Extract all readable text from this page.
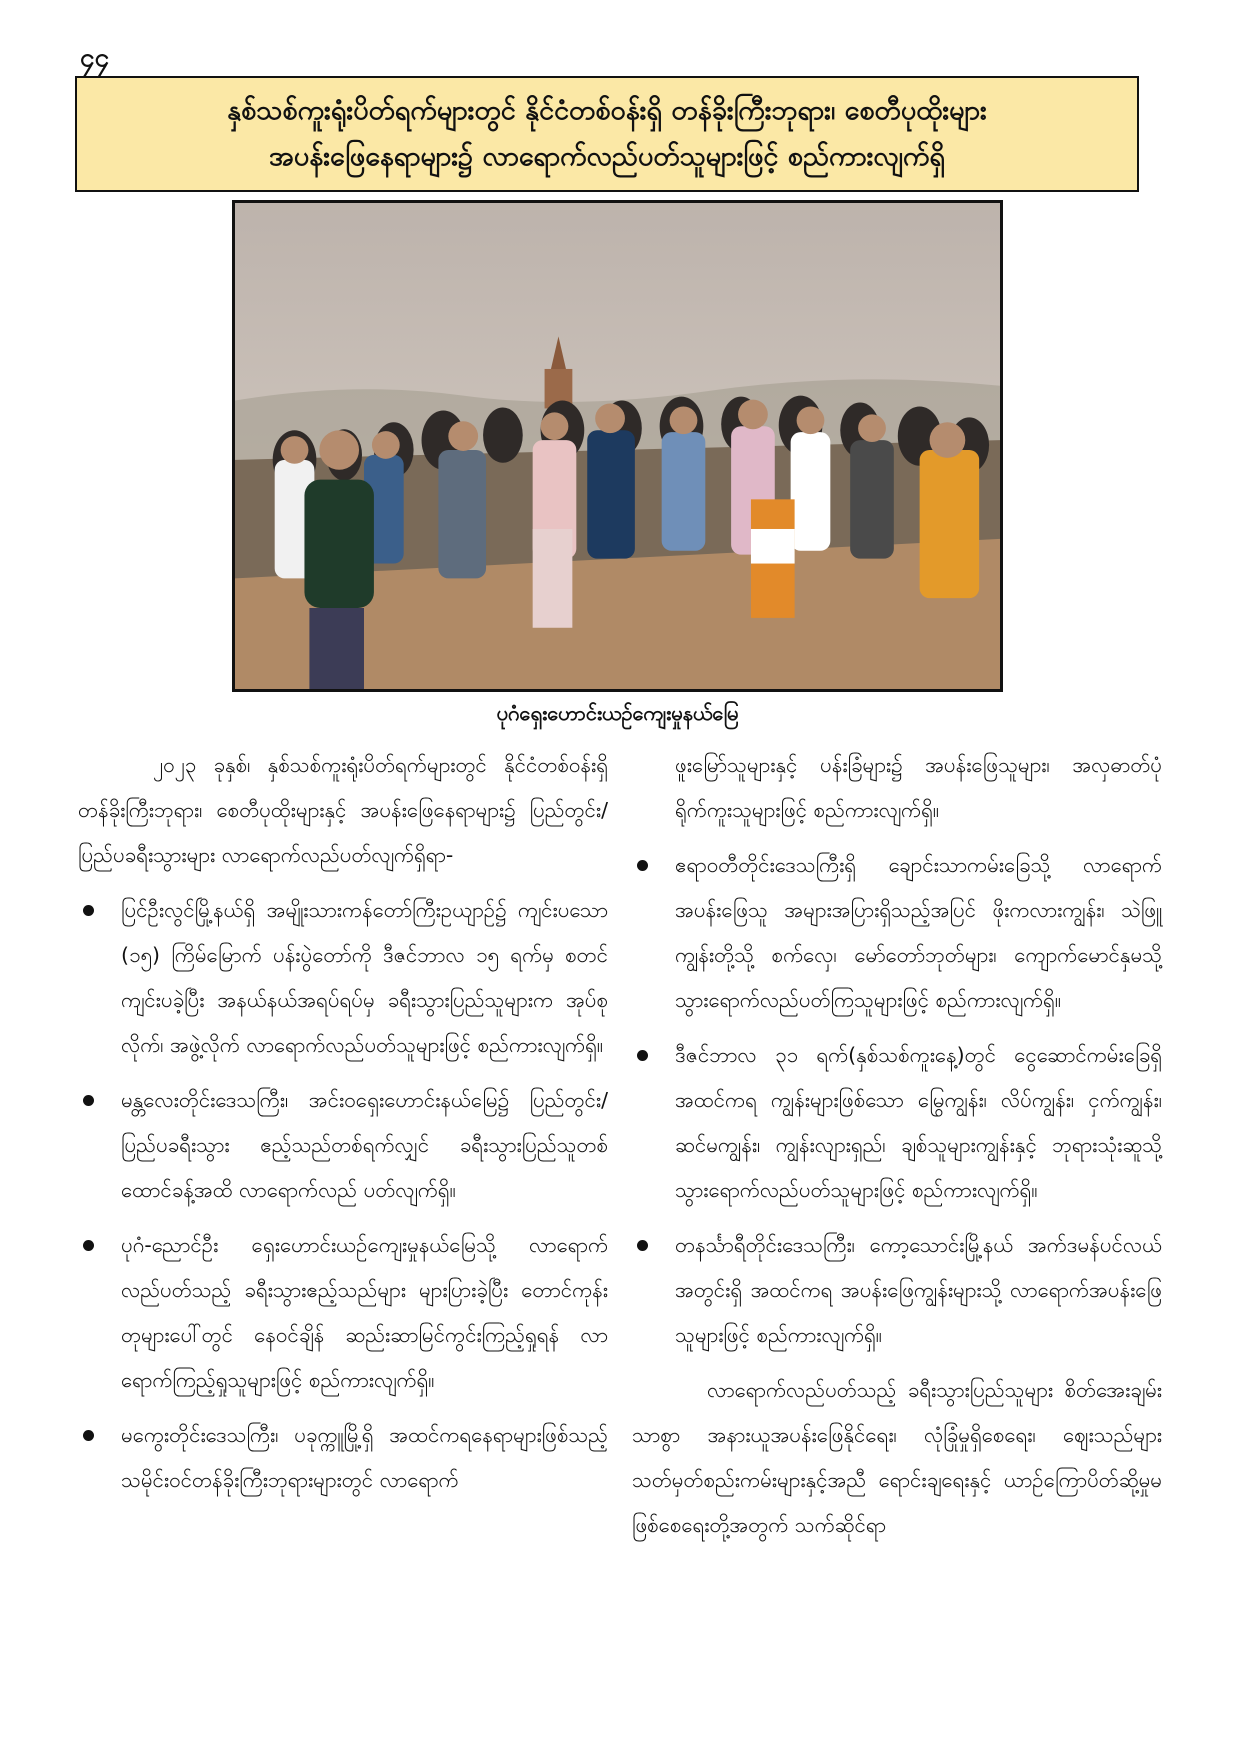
၄၄
နှစ်သစ်ကူးရုံးပိတ်ရက်များတွင် နိုင်ငံတစ်ဝန်းရှိ တန်ခိုးကြီးဘုရား၊ စေတီပုထိုးများ
အပန်းဖြေနေရာများ၌ လာရောက်လည်ပတ်သူများဖြင့် စည်ကားလျက်ရှိ
ပုဂံရှေးဟောင်းယဉ်ကျေးမှုနယ်မြေ

၂၀၂၃ ခုနှစ်၊ နှစ်သစ်ကူးရုံးပိတ်ရက်များတွင် နိုင်ငံတစ်ဝန်းရှိ တန်ခိုးကြီးဘုရား၊ စေတီပုထိုးများနှင့် အပန်းဖြေနေရာများ၌ ပြည်တွင်း/ပြည်ပခရီးသွားများ လာရောက်လည်ပတ်လျက်ရှိရာ-

ပြင်ဦးလွင်မြို့နယ်ရှိ အမျိုးသားကန်တော်ကြီးဥယျာဉ်၌ ကျင်းပသော (၁၅) ကြိမ်မြောက် ပန်းပွဲတော်ကို ဒီဇင်ဘာလ ၁၅ ရက်မှ စတင်ကျင်းပခဲ့ပြီး အနယ်နယ်အရပ်ရပ်မှ ခရီးသွားပြည်သူများက အုပ်စုလိုက်၊ အဖွဲ့လိုက် လာရောက်လည်ပတ်သူများဖြင့် စည်ကားလျက်ရှိ။
မန္တလေးတိုင်းဒေသကြီး၊ အင်းဝရှေးဟောင်းနယ်မြေ၌ ပြည်တွင်း/ပြည်ပခရီးသွား ဧည့်သည်တစ်ရက်လျှင် ခရီးသွားပြည်သူတစ်ထောင်ခန့်အထိ လာရောက်လည် ပတ်လျက်ရှိ။
ပုဂံ-ညောင်ဦး ရှေးဟောင်းယဉ်ကျေးမှုနယ်မြေသို့ လာရောက်လည်ပတ်သည့် ခရီးသွားဧည့်သည်များ များပြားခဲ့ပြီး တောင်ကုန်းတုများပေါ်တွင် နေဝင်ချိန် ဆည်းဆာမြင်ကွင်းကြည့်ရှုရန် လာရောက်ကြည့်ရှုသူများဖြင့် စည်ကားလျက်ရှိ။
မကွေးတိုင်းဒေသကြီး၊ ပခုက္ကူမြို့ရှိ အထင်ကရနေရာများဖြစ်သည့် သမိုင်းဝင်တန်ခိုးကြီးဘုရားများတွင် လာရောက်

ဖူးမြော်သူများနှင့် ပန်းခြံများ၌ အပန်းဖြေသူများ၊ အလှဓာတ်ပုံရိုက်ကူးသူများဖြင့် စည်ကားလျက်ရှိ။

ဧရာဝတီတိုင်းဒေသကြီးရှိ ချောင်းသာကမ်းခြေသို့ လာရောက်အပန်းဖြေသူ အများအပြားရှိသည့်အပြင် ဖိုးကလားကျွန်း၊ သဲဖြူကျွန်းတို့သို့ စက်လှေ၊ မော်တော်ဘုတ်များ၊ ကျောက်မောင်နှမသို့ သွားရောက်လည်ပတ်ကြသူများဖြင့် စည်ကားလျက်ရှိ။
ဒီဇင်ဘာလ ၃၁ ရက်(နှစ်သစ်ကူးနေ့)တွင် ငွေဆောင်ကမ်းခြေရှိ အထင်ကရ ကျွန်းများဖြစ်သော မြွေကျွန်း၊ လိပ်ကျွန်း၊ ငှက်ကျွန်း၊ ဆင်မကျွန်း၊ ကျွန်းလျားရှည်၊ ချစ်သူများကျွန်းနှင့် ဘုရားသုံးဆူသို့ သွားရောက်လည်ပတ်သူများဖြင့် စည်ကားလျက်ရှိ။
တနင်္သာရီတိုင်းဒေသကြီး၊ ကော့သောင်းမြို့နယ် အက်ဒမန်ပင်လယ်အတွင်းရှိ အထင်ကရ အပန်းဖြေကျွန်းများသို့ လာရောက်အပန်းဖြေသူများဖြင့် စည်ကားလျက်ရှိ။

လာရောက်လည်ပတ်သည့် ခရီးသွားပြည်သူများ စိတ်အေးချမ်းသာစွာ အနားယူအပန်းဖြေနိုင်ရေး၊ လုံခြုံမှုရှိစေရေး၊ ဈေးသည်များ သတ်မှတ်စည်းကမ်းများနှင့်အညီ ရောင်းချရေးနှင့် ယာဉ်ကြောပိတ်ဆို့မှုမဖြစ်စေရေးတို့အတွက် သက်ဆိုင်ရာ
